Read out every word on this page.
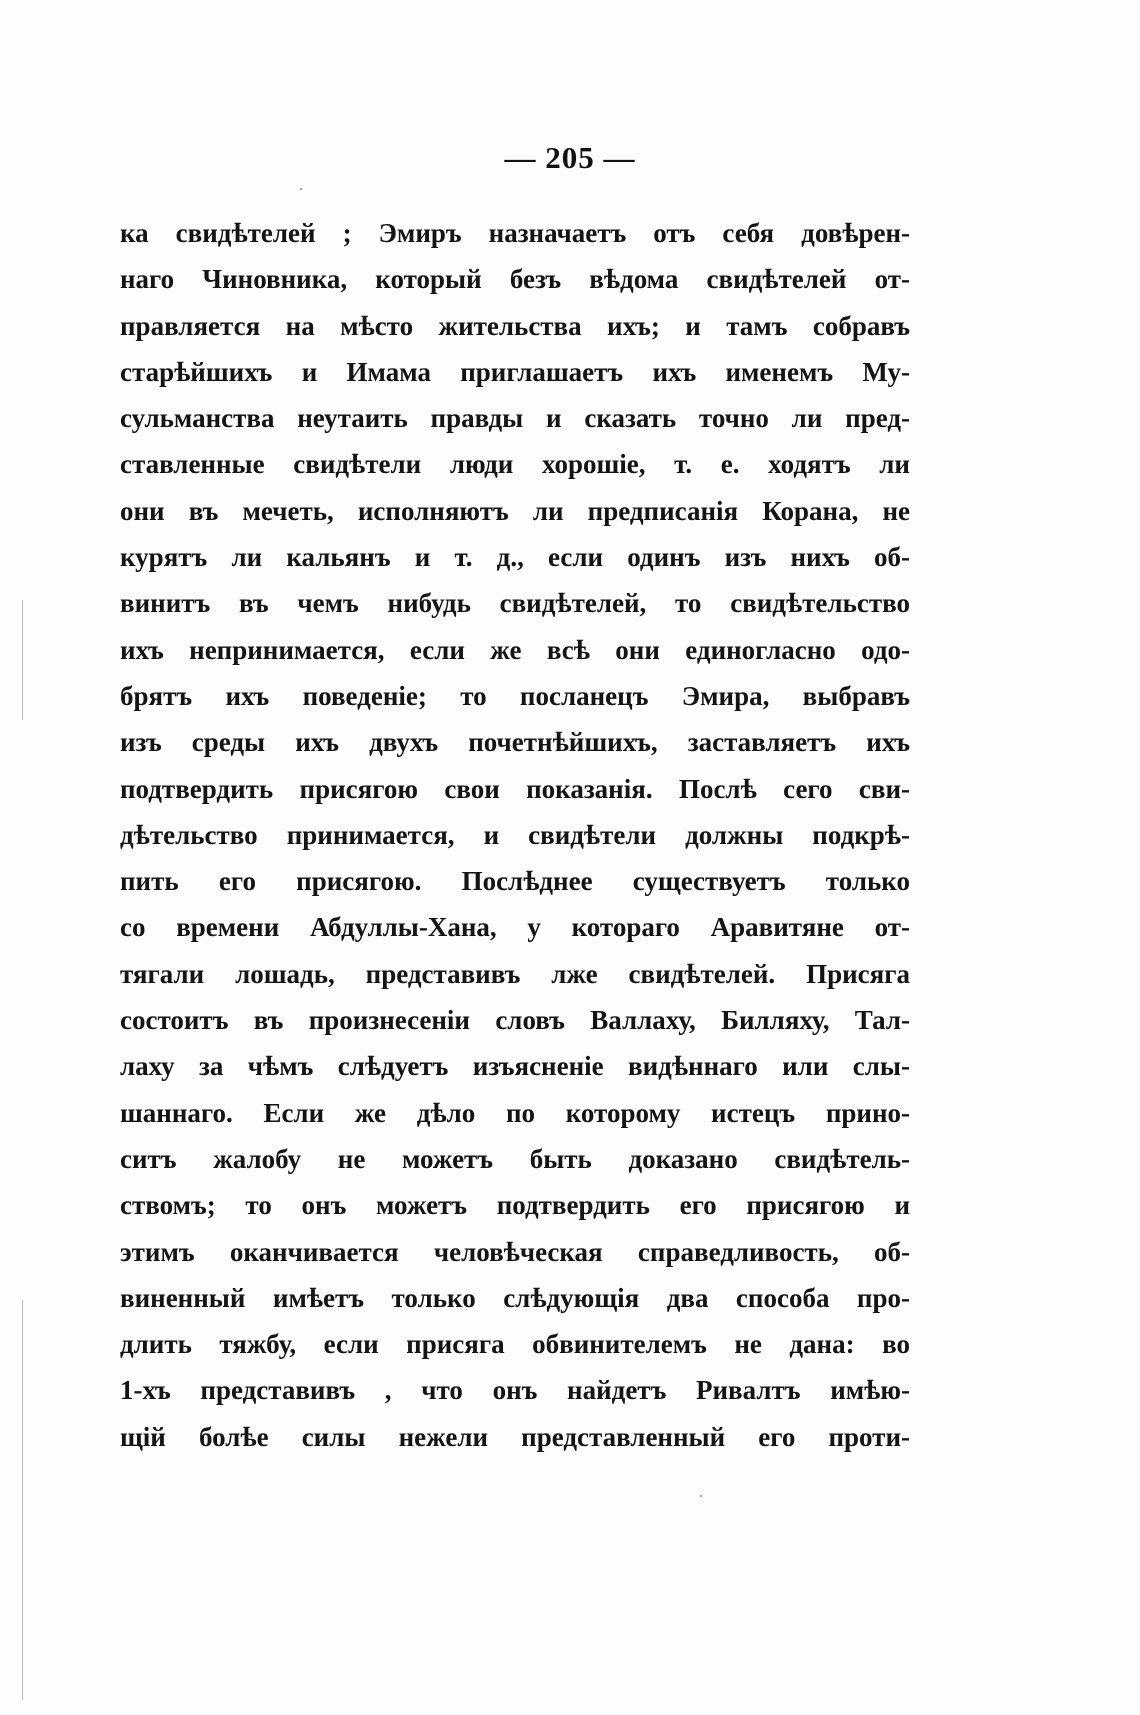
— 205 —
ка свидѣтелей ; Эмиръ назначаетъ отъ себя довѣрен-
наго Чиновника, который безъ вѣдома свидѣтелей от-
правляется на мѣсто жительства ихъ; и тамъ собравъ
старѣйшихъ и Имама приглашаетъ ихъ именемъ Му-
сульманства неутаить правды и сказать точно ли пред-
ставленные свидѣтели люди хорошіе, т. е. ходятъ ли
они въ мечеть, исполняютъ ли предписанія Корана, не
курятъ ли кальянъ и т. д., если одинъ изъ нихъ об-
винитъ въ чемъ нибудь свидѣтелей, то свидѣтельство
ихъ непринимается, если же всѣ они единогласно одо-
брятъ ихъ поведеніе; то посланецъ Эмира, выбравъ
изъ среды ихъ двухъ почетнѣйшихъ, заставляетъ ихъ
подтвердить присягою свои показанія. Послѣ сего сви-
дѣтельство принимается, и свидѣтели должны подкрѣ-
пить его присягою. Послѣднее существуетъ только
со времени Абдуллы-Хана, у котораго Аравитяне от-
тягали лошадь, представивъ лже свидѣтелей. Присяга
состоитъ въ произнесеніи словъ Валлаху, Билляху, Тал-
лаху за чѣмъ слѣдуетъ изъясненіе видѣннаго или слы-
шаннаго. Если же дѣло по которому истецъ прино-
ситъ жалобу не можетъ быть доказано свидѣтель-
ствомъ; то онъ можетъ подтвердить его присягою и
этимъ оканчивается человѣческая справедливость, об-
виненный имѣетъ только слѣдующія два способа про-
длить тяжбу, если присяга обвинителемъ не дана: во
1-хъ представивъ , что онъ найдетъ Ривалтъ имѣю-
щій болѣе силы нежели представленный его проти-
